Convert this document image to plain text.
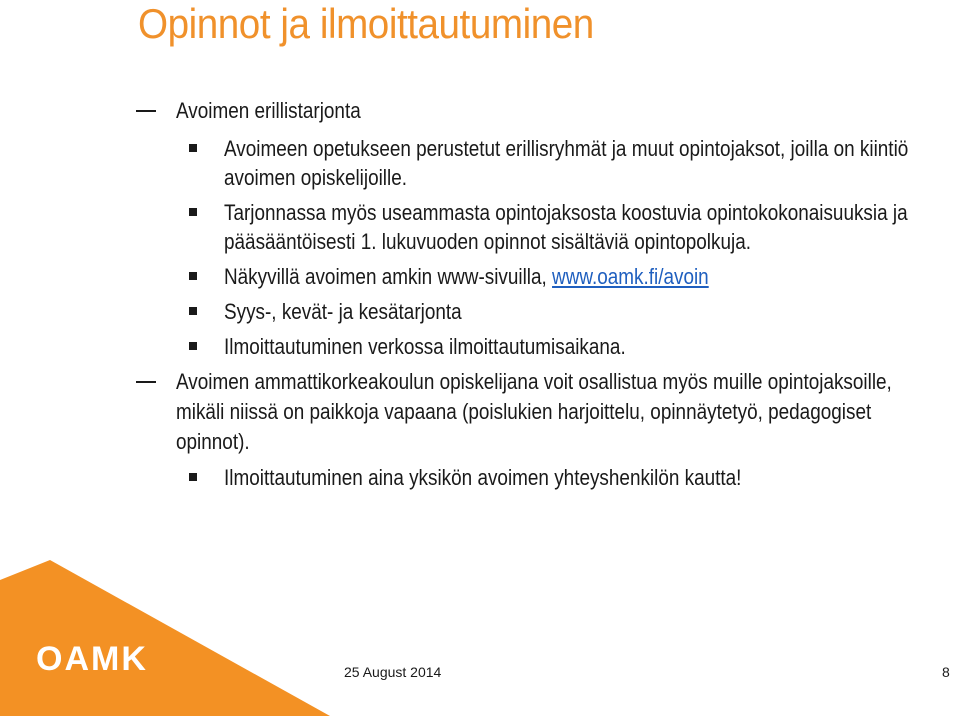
Opinnot ja ilmoittautuminen
Avoimen erillistarjonta
Avoimeen opetukseen perustetut erillisryhmät ja muut opintojaksot, joilla on kiintiö avoimen opiskelijoille.
Tarjonnassa myös useammasta opintojaksosta koostuvia opintokokonaisuuksia ja pääsääntöisesti 1. lukuvuoden opinnot sisältäviä opintopolkuja.
Näkyvillä avoimen amkin www-sivuilla, www.oamk.fi/avoin
Syys-, kevät- ja kesätarjonta
Ilmoittautuminen verkossa ilmoittautumisaikana.
Avoimen ammattikorkeakoulun opiskelijana voit osallistua myös muille opintojaksoille, mikäli niissä on paikkoja vapaana (poislukien harjoittelu, opinnäytetyö, pedagogiset opinnot).
Ilmoittautuminen aina yksikön avoimen yhteyshenkilön kautta!
OAMK	25 August 2014	8
